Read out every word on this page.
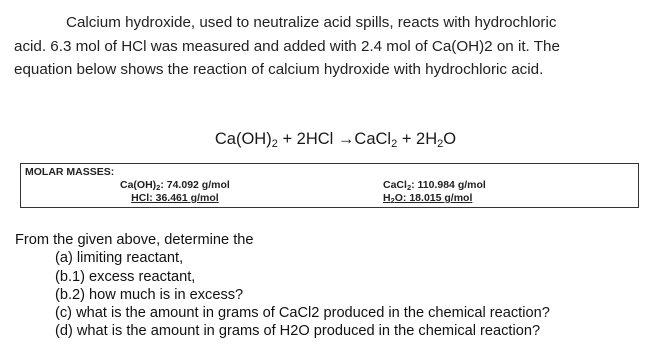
Calcium hydroxide, used to neutralize acid spills, reacts with hydrochloric
acid. 6.3 mol of HCl was measured and added with 2.4 mol of Ca(OH)2 on it. The
equation below shows the reaction of calcium hydroxide with hydrochloric acid.

$Ca(OH)_2 + 2HCl$ →CaCl$_2$ + $2H_2O$
MOLAR MASSES:
$Ca(OH)_2$: 74.092 g/mol
HCl: 36.461 g/mol
CaCl$_2$: 110.984 g/mol
$H_2O$: 18.015 g/mol
From the given above, determine the
(a) limiting reactant,
(b.1) excess reactant,
(b.2) how much is in excess?
(c) what is the amount in grams of CaCl2 produced in the chemical reaction?
(d) what is the amount in grams of H2O produced in the chemical reaction?
